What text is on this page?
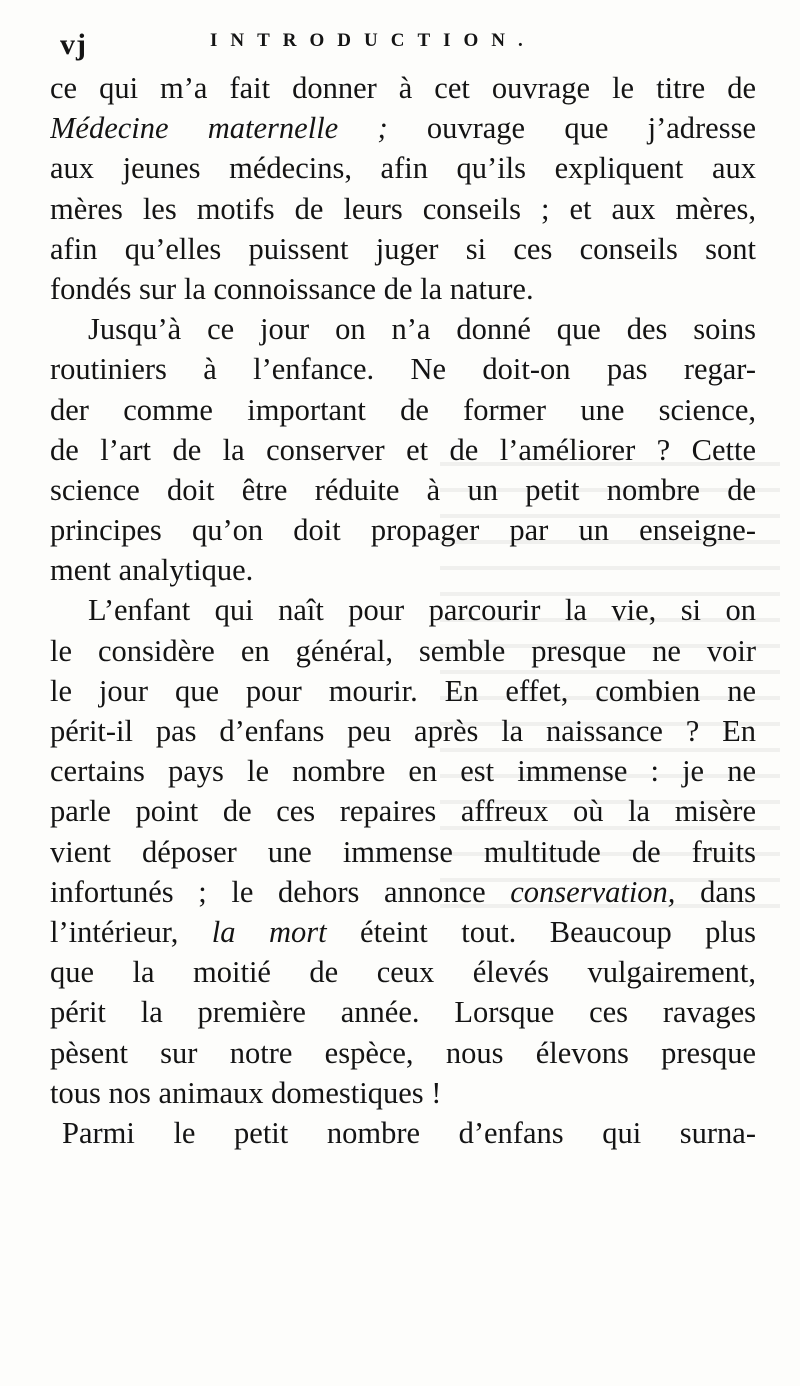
vj	INTRODUCTION.
ce qui m’a fait donner à cet ouvrage le titre de
Médecine maternelle ; ouvrage que j’adresse
aux jeunes médecins, afin qu’ils expliquent aux
mères les motifs de leurs conseils ; et aux mères,
afin qu’elles puissent juger si ces conseils sont
fondés sur la connoissance de la nature.
Jusqu’à ce jour on n’a donné que des soins
routiniers à l’enfance. Ne doit-on pas regar-
der comme important de former une science,
de l’art de la conserver et de l’améliorer ? Cette
science doit être réduite à un petit nombre de
principes qu’on doit propager par un enseigne-
ment analytique.
L’enfant qui naît pour parcourir la vie, si on
le considère en général, semble presque ne voir
le jour que pour mourir. En effet, combien ne
périt-il pas d’enfans peu après la naissance ? En
certains pays le nombre en est immense : je ne
parle point de ces repaires affreux où la misère
vient déposer une immense multitude de fruits
infortunés ; le dehors annonce conservation, dans
l’intérieur, la mort éteint tout. Beaucoup plus
que la moitié de ceux élevés vulgairement,
périt la première année. Lorsque ces ravages
pèsent sur notre espèce, nous élevons presque
tous nos animaux domestiques !
Parmi le petit nombre d’enfans qui surna-
